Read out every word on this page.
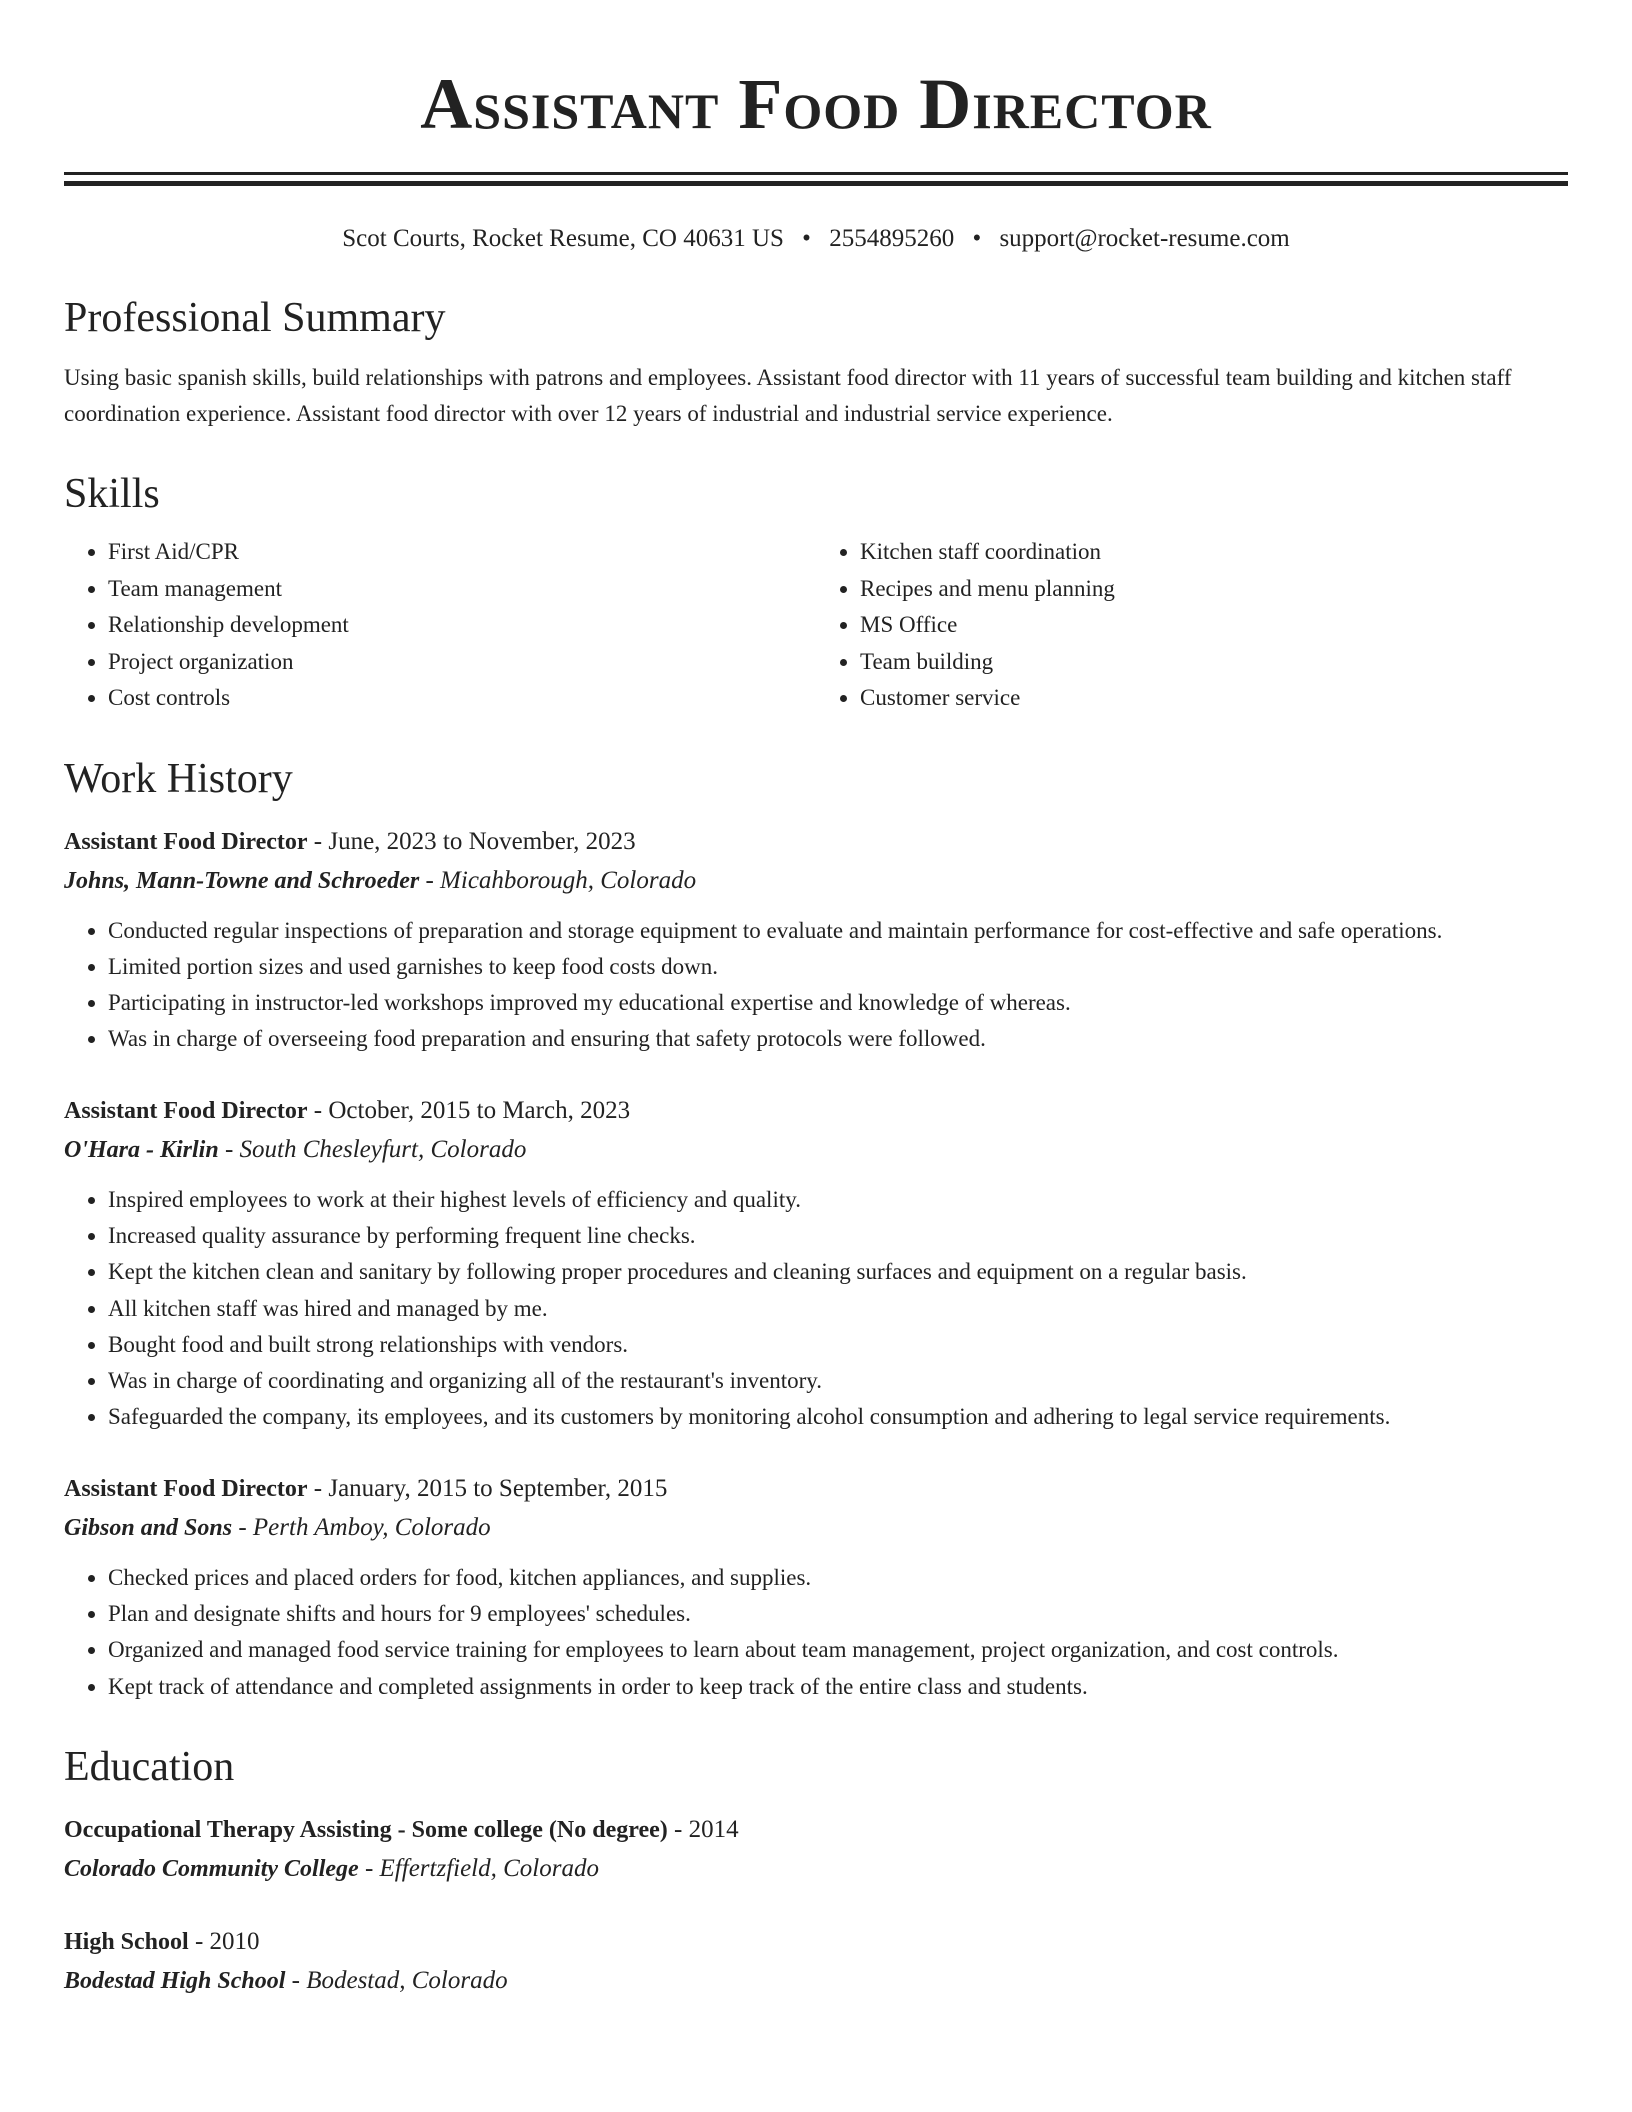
Assistant Food Director
Scot Courts, Rocket Resume, CO 40631 US • 2554895260 • support@rocket-resume.com
Professional Summary

Using basic spanish skills, build relationships with patrons and employees. Assistant food director with 11 years of successful team building and kitchen staff coordination experience. Assistant food director with over 12 years of industrial and industrial service experience.

Skills
• First Aid/CPR
• Team management
• Relationship development
• Project organization
• Cost controls
• Kitchen staff coordination
• Recipes and menu planning
• MS Office
• Team building
• Customer service
Work History
Assistant Food Director - June, 2023 to November, 2023
Johns, Mann-Towne and Schroeder - Micahborough, Colorado
• Conducted regular inspections of preparation and storage equipment to evaluate and maintain performance for cost-effective and safe operations.
• Limited portion sizes and used garnishes to keep food costs down.
• Participating in instructor-led workshops improved my educational expertise and knowledge of whereas.
• Was in charge of overseeing food preparation and ensuring that safety protocols were followed.
Assistant Food Director - October, 2015 to March, 2023
O'Hara - Kirlin - South Chesleyfurt, Colorado
• Inspired employees to work at their highest levels of efficiency and quality.
• Increased quality assurance by performing frequent line checks.
• Kept the kitchen clean and sanitary by following proper procedures and cleaning surfaces and equipment on a regular basis.
• All kitchen staff was hired and managed by me.
• Bought food and built strong relationships with vendors.
• Was in charge of coordinating and organizing all of the restaurant's inventory.
• Safeguarded the company, its employees, and its customers by monitoring alcohol consumption and adhering to legal service requirements.
Assistant Food Director - January, 2015 to September, 2015
Gibson and Sons - Perth Amboy, Colorado
• Checked prices and placed orders for food, kitchen appliances, and supplies.
• Plan and designate shifts and hours for 9 employees' schedules.
• Organized and managed food service training for employees to learn about team management, project organization, and cost controls.
• Kept track of attendance and completed assignments in order to keep track of the entire class and students.
Education
Occupational Therapy Assisting - Some college (No degree) - 2014
Colorado Community College - Effertzfield, Colorado
High School - 2010
Bodestad High School - Bodestad, Colorado
